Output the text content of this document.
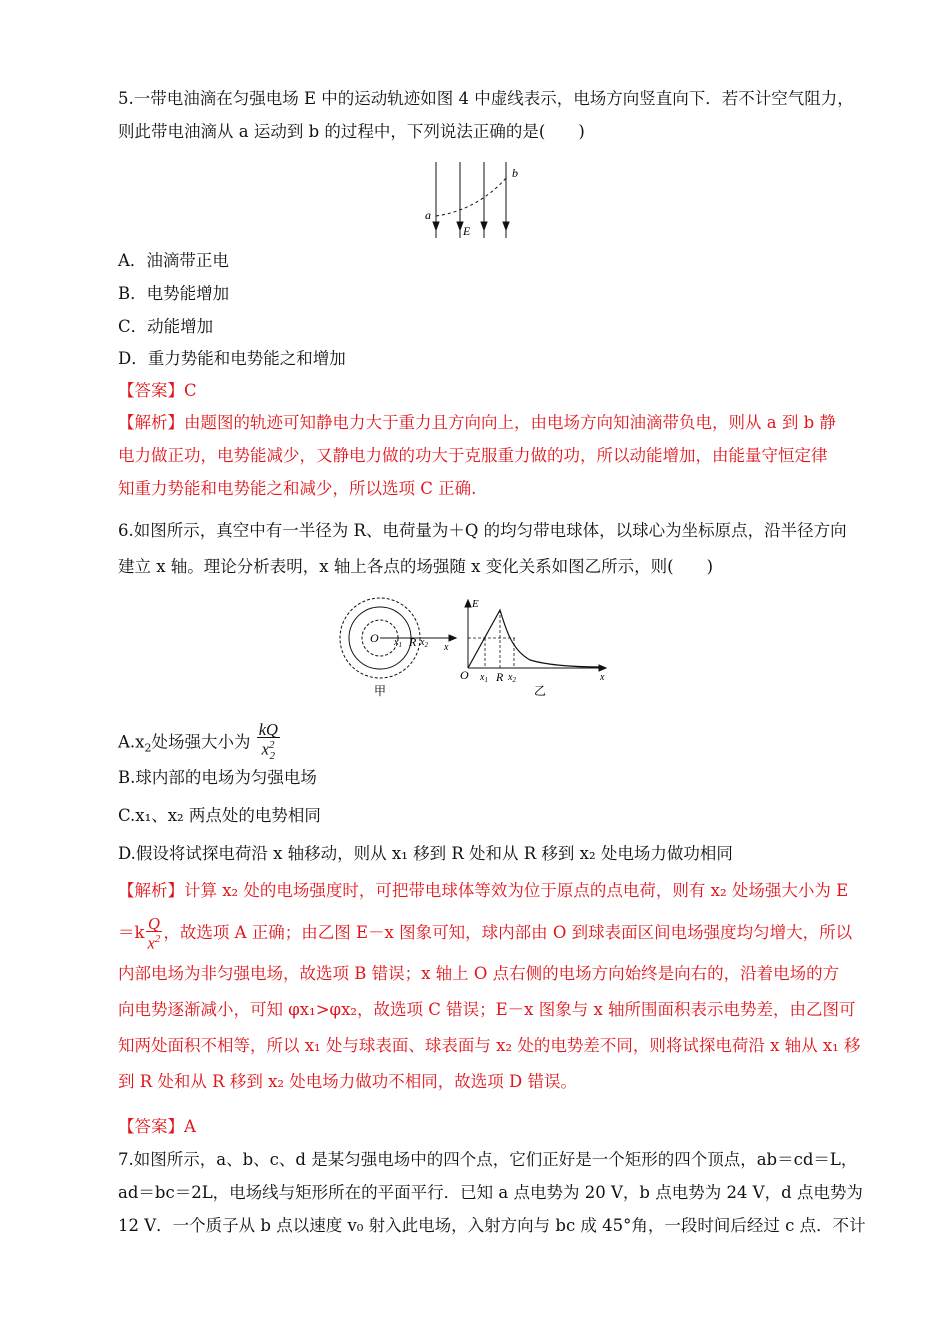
5.一带电油滴在匀强电场 E 中的运动轨迹如图 4 中虚线表示，电场方向竖直向下．若不计空气阻力，
则此带电油滴从 a 运动到 b 的过程中，下列说法正确的是(　　)
a
b
E
A．油滴带正电
B．电势能增加
C．动能增加
D．重力势能和电势能之和增加
【答案】C
【解析】由题图的轨迹可知静电力大于重力且方向向上，由电场方向知油滴带负电，则从 a 到 b 静
电力做正功，电势能减少，又静电力做的功大于克服重力做的功，所以动能增加，由能量守恒定律
知重力势能和电势能之和减少，所以选项 C 正确.
6.如图所示，真空中有一半径为 R、电荷量为＋Q 的均匀带电球体，以球心为坐标原点，沿半径方向
建立 x 轴。理论分析表明，x 轴上各点的场强随 x 变化关系如图乙所示，则(　　)
O $x_1$ R $x_2$ x
甲
E
O $x_1$ R $x_2$	x
乙
$A.x_2$处场强大小为 $\frac{kQ}{x^2_2}$
B.球内部的电场为匀强电场
C.x₁、x₂ 两点处的电势相同
D.假设将试探电荷沿 x 轴移动，则从 x₁ 移到 R 处和从 R 移到 x₂ 处电场力做功相同
【解析】计算 x₂ 处的电场强度时，可把带电球体等效为位于原点的点电荷，则有 x₂ 处场强大小为 E
$=k \frac{Q}{x^2}$ ，故选项 A 正确；由乙图 E－x 图象可知，球内部由 O 到球表面区间电场强度均匀增大，所以
内部电场为非匀强电场，故选项 B 错误；x 轴上 O 点右侧的电场方向始终是向右的，沿着电场的方
向电势逐渐减小，可知 φx₁>φx₂，故选项 C 错误；E－x 图象与 x 轴所围面积表示电势差，由乙图可
知两处面积不相等，所以 x₁ 处与球表面、球表面与 x₂ 处的电势差不同，则将试探电荷沿 x 轴从 x₁ 移
到 R 处和从 R 移到 x₂ 处电场力做功不相同，故选项 D 错误。
【答案】A
7.如图所示，a、b、c、d 是某匀强电场中的四个点，它们正好是一个矩形的四个顶点，ab＝cd＝L，
ad＝bc＝2L，电场线与矩形所在的平面平行．已知 a 点电势为 20 V，b 点电势为 24 V，d 点电势为
12 V．一个质子从 b 点以速度 v₀ 射入此电场，入射方向与 bc 成 45°角，一段时间后经过 c 点．不计
